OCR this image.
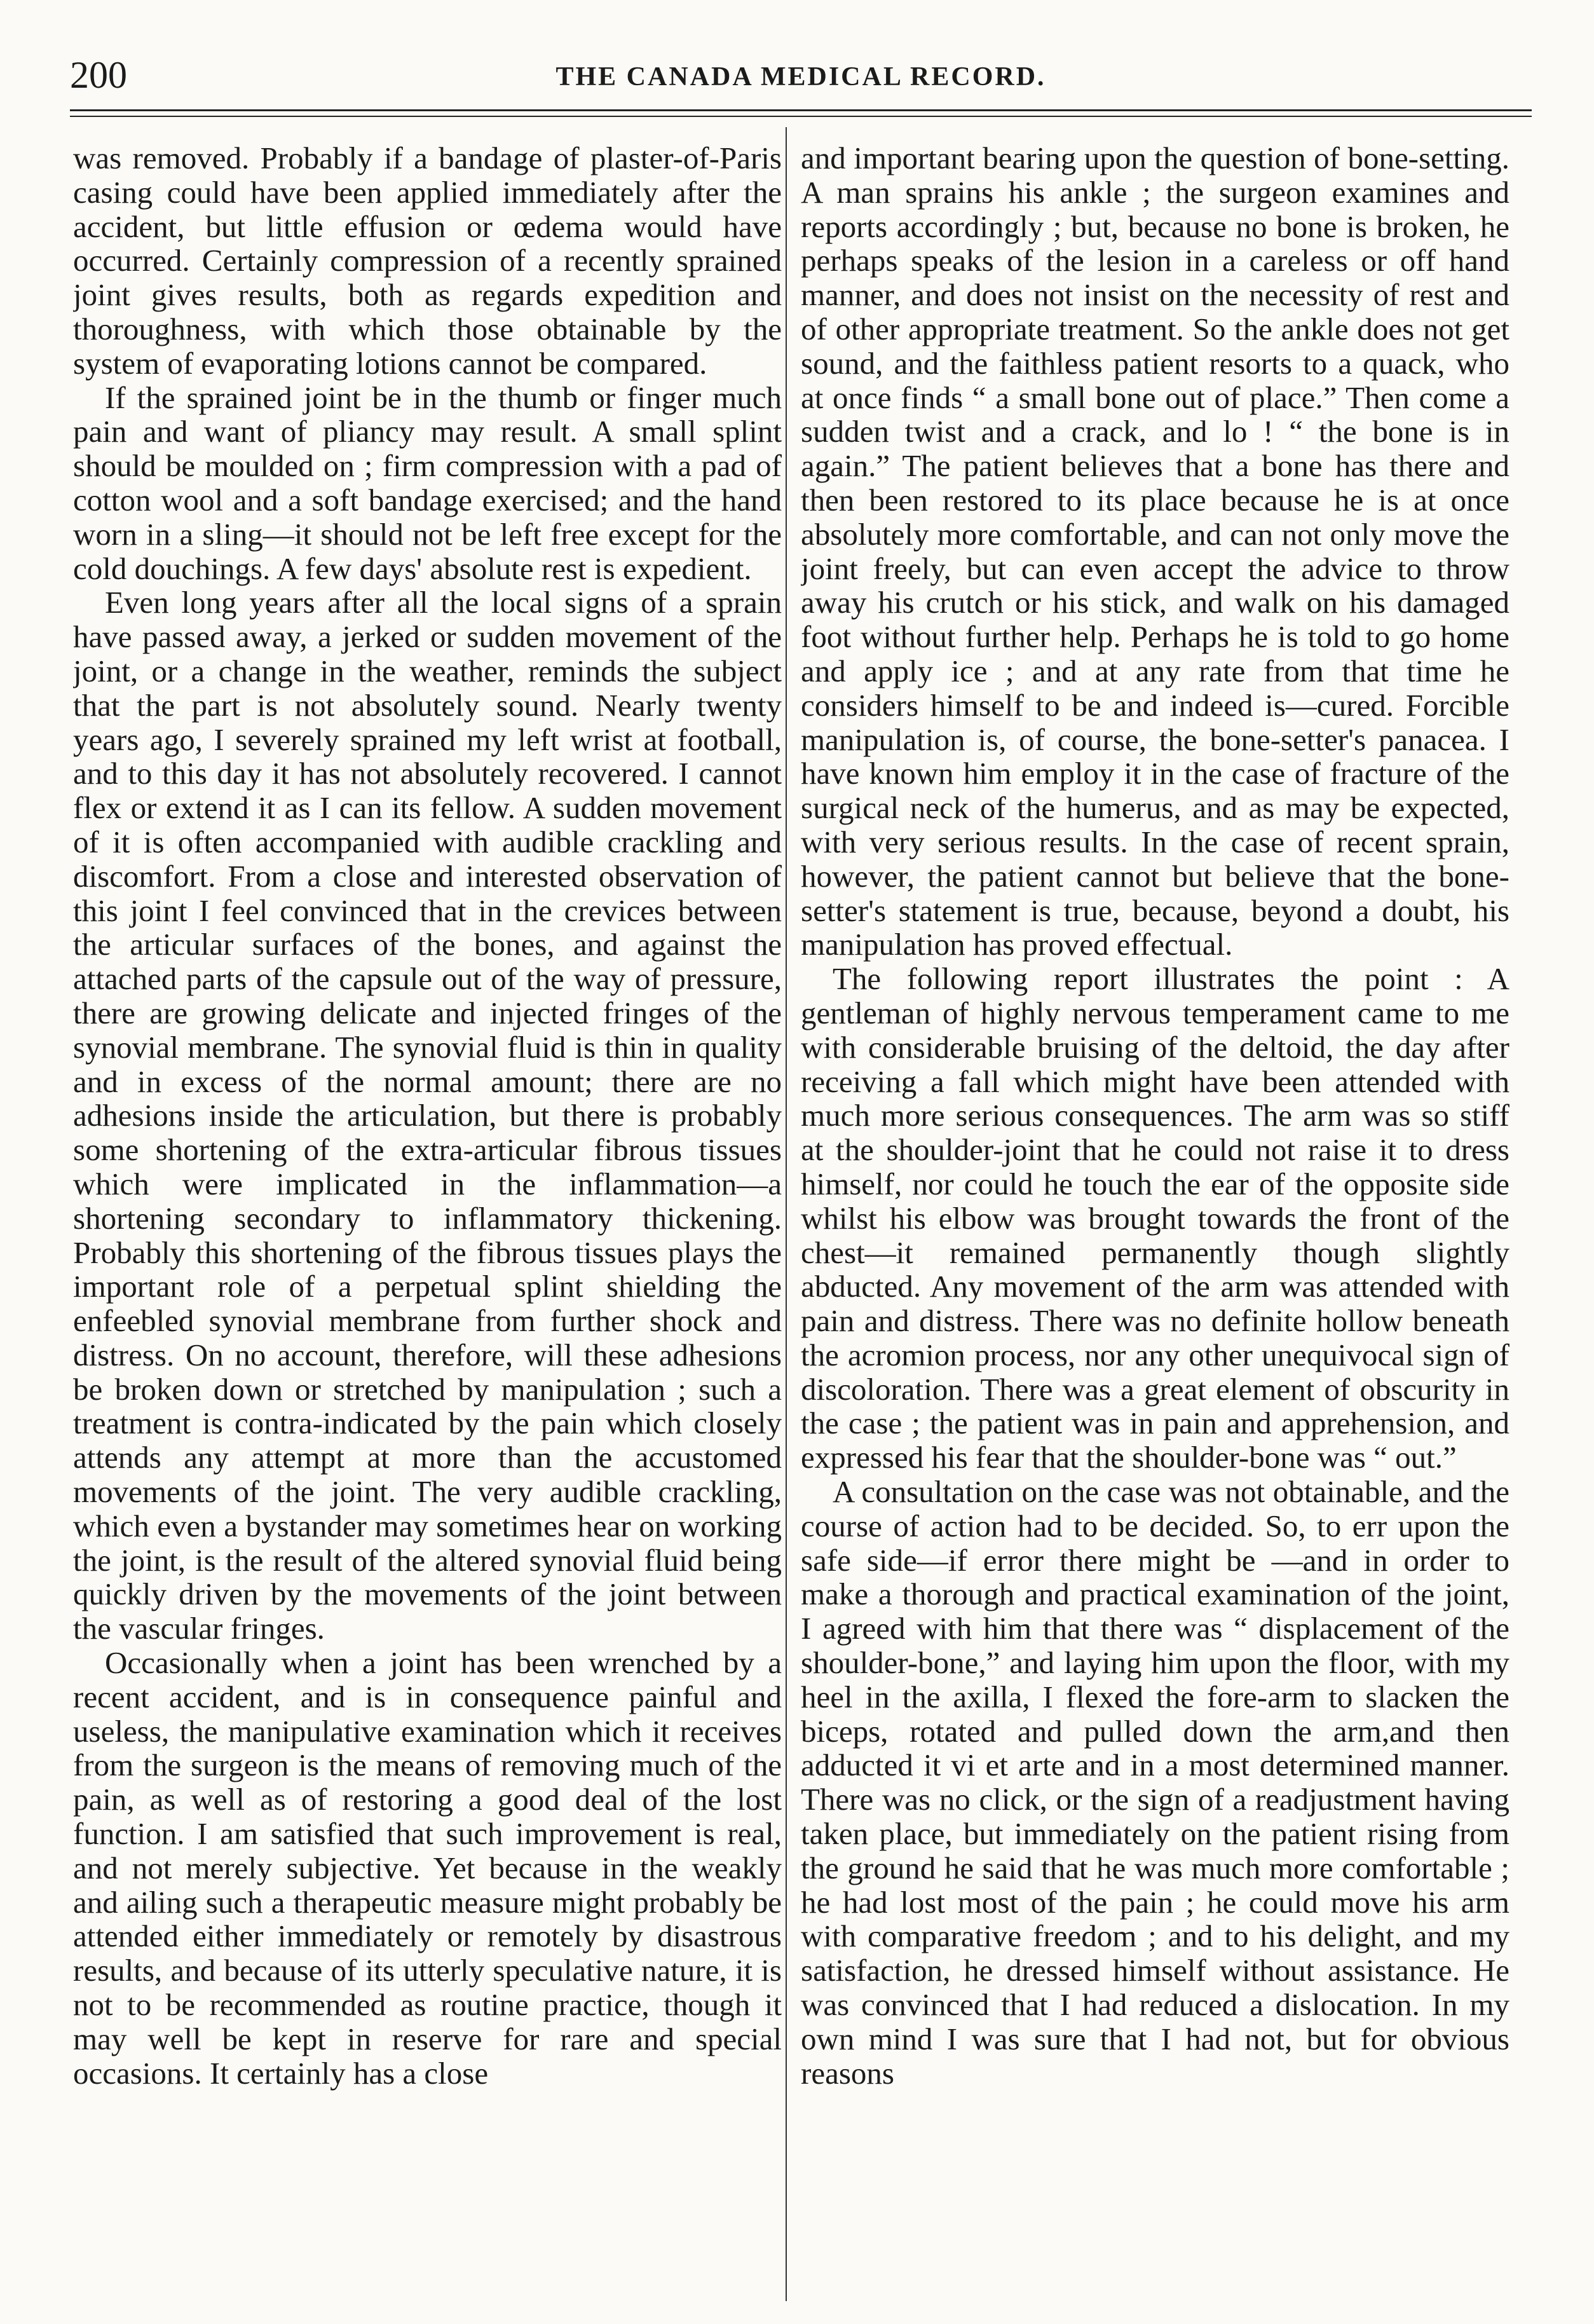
200	THE CANADA MEDICAL RECORD.

was removed. Probably if a bandage of plaster-of-Paris casing could have been applied immediately after the accident, but little effusion or œdema would have occurred. Certainly compression of a recently sprained joint gives results, both as regards expedition and thoroughness, with which those obtainable by the system of evaporating lotions cannot be compared.

If the sprained joint be in the thumb or finger much pain and want of pliancy may result. A small splint should be moulded on ; firm compression with a pad of cotton wool and a soft bandage exercised; and the hand worn in a sling—it should not be left free except for the cold douchings. A few days' absolute rest is expedient.

Even long years after all the local signs of a sprain have passed away, a jerked or sudden movement of the joint, or a change in the weather, reminds the subject that the part is not absolutely sound. Nearly twenty years ago, I severely sprained my left wrist at football, and to this day it has not absolutely recovered. I cannot flex or extend it as I can its fellow. A sudden movement of it is often accompanied with audible crackling and discomfort. From a close and interested observation of this joint I feel convinced that in the crevices between the articular surfaces of the bones, and against the attached parts of the capsule out of the way of pressure, there are growing delicate and injected fringes of the synovial membrane. The synovial fluid is thin in quality and in excess of the normal amount; there are no adhesions inside the articulation, but there is probably some shortening of the extra-articular fibrous tissues which were implicated in the inflammation—a shortening secondary to inflammatory thickening. Probably this shortening of the fibrous tissues plays the important role of a perpetual splint shielding the enfeebled synovial membrane from further shock and distress. On no account, therefore, will these adhesions be broken down or stretched by manipulation ; such a treatment is contra-indicated by the pain which closely attends any attempt at more than the accustomed movements of the joint. The very audible crackling, which even a bystander may sometimes hear on working the joint, is the result of the altered synovial fluid being quickly driven by the movements of the joint between the vascular fringes.

Occasionally when a joint has been wrenched by a recent accident, and is in consequence painful and useless, the manipulative examination which it receives from the surgeon is the means of removing much of the pain, as well as of restoring a good deal of the lost function. I am satisfied that such improvement is real, and not merely subjective. Yet because in the weakly and ailing such a therapeutic measure might probably be attended either immediately or remotely by disastrous results, and because of its utterly speculative nature, it is not to be recommended as routine practice, though it may well be kept in reserve for rare and special occasions. It certainly has a close

and important bearing upon the question of bone-setting. A man sprains his ankle ; the surgeon examines and reports accordingly ; but, because no bone is broken, he perhaps speaks of the lesion in a careless or off hand manner, and does not insist on the necessity of rest and of other appropriate treatment. So the ankle does not get sound, and the faithless patient resorts to a quack, who at once finds “ a small bone out of place.” Then come a sudden twist and a crack, and lo ! “ the bone is in again.” The patient believes that a bone has there and then been restored to its place because he is at once absolutely more comfortable, and can not only move the joint freely, but can even accept the advice to throw away his crutch or his stick, and walk on his damaged foot without further help. Perhaps he is told to go home and apply ice ; and at any rate from that time he considers himself to be and indeed is—cured. Forcible manipulation is, of course, the bone-setter's panacea. I have known him employ it in the case of fracture of the surgical neck of the humerus, and as may be expected, with very serious results. In the case of recent sprain, however, the patient cannot but believe that the bone-setter's statement is true, because, beyond a doubt, his manipulation has proved effectual.

The following report illustrates the point : A gentleman of highly nervous temperament came to me with considerable bruising of the deltoid, the day after receiving a fall which might have been attended with much more serious consequences. The arm was so stiff at the shoulder-joint that he could not raise it to dress himself, nor could he touch the ear of the opposite side whilst his elbow was brought towards the front of the chest—it remained permanently though slightly abducted. Any movement of the arm was attended with pain and distress. There was no definite hollow beneath the acromion process, nor any other unequivocal sign of discoloration. There was a great element of obscurity in the case ; the patient was in pain and apprehension, and expressed his fear that the shoulder-bone was “ out.”

A consultation on the case was not obtainable, and the course of action had to be decided. So, to err upon the safe side—if error there might be —and in order to make a thorough and practical examination of the joint, I agreed with him that there was “ displacement of the shoulder-bone,” and laying him upon the floor, with my heel in the axilla, I flexed the fore-arm to slacken the biceps, rotated and pulled down the arm,and then adducted it vi et arte and in a most determined manner. There was no click, or the sign of a readjustment having taken place, but immediately on the patient rising from the ground he said that he was much more comfortable ; he had lost most of the pain ; he could move his arm with comparative freedom ; and to his delight, and my satisfaction, he dressed himself without assistance. He was convinced that I had reduced a dislocation. In my own mind I was sure that I had not, but for obvious reasons
